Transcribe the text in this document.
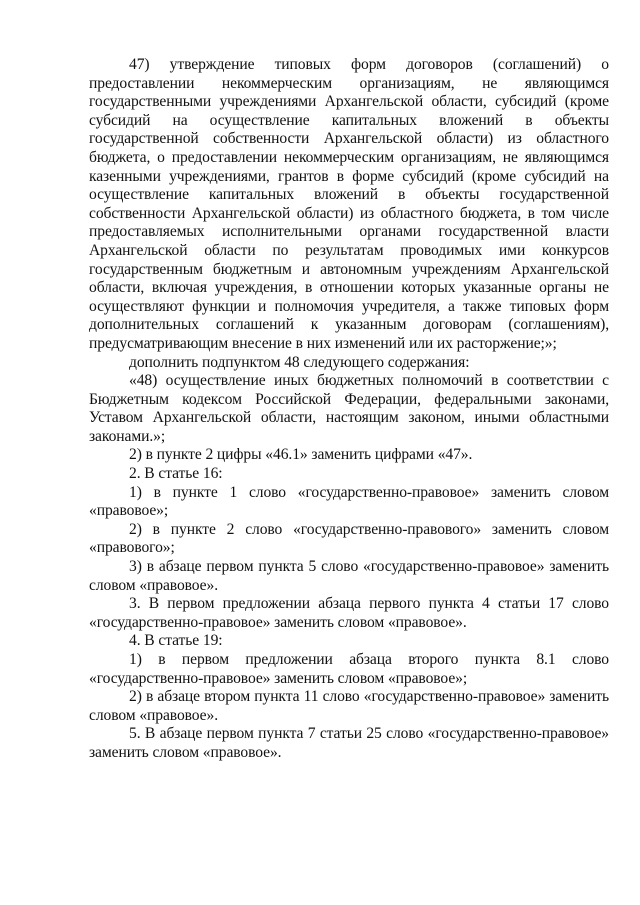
47) утверждение типовых форм договоров (соглашений) о предоставлении некоммерческим организациям, не являющимся государственными учреждениями Архангельской области, субсидий (кроме субсидий на осуществление капитальных вложений в объекты государственной собственности Архангельской области) из областного бюджета, о предоставлении некоммерческим организациям, не являющимся казенными учреждениями, грантов в форме субсидий (кроме субсидий на осуществление капитальных вложений в объекты государственной собственности Архангельской области) из областного бюджета, в том числе предоставляемых исполнительными органами государственной власти Архангельской области по результатам проводимых ими конкурсов государственным бюджетным и автономным учреждениям Архангельской области, включая учреждения, в отношении которых указанные органы не осуществляют функции и полномочия учредителя, а также типовых форм дополнительных соглашений к указанным договорам (соглашениям), предусматривающим внесение в них изменений или их расторжение;»;

дополнить подпунктом 48 следующего содержания:

«48) осуществление иных бюджетных полномочий в соответствии с Бюджетным кодексом Российской Федерации, федеральными законами, Уставом Архангельской области, настоящим законом, иными областными законами.»;

2) в пункте 2 цифры «46.1» заменить цифрами «47».

2. В статье 16:

1) в пункте 1 слово «государственно-правовое» заменить словом «правовое»;

2) в пункте 2 слово «государственно-правового» заменить словом «правового»;

3) в абзаце первом пункта 5 слово «государственно-правовое» заменить словом «правовое».

3. В первом предложении абзаца первого пункта 4 статьи 17 слово «государственно-правовое» заменить словом «правовое».

4. В статье 19:

1) в первом предложении абзаца второго пункта 8.1 слово «государственно-правовое» заменить словом «правовое»;

2) в абзаце втором пункта 11 слово «государственно-правовое» заменить словом «правовое».

5. В абзаце первом пункта 7 статьи 25 слово «государственно-правовое» заменить словом «правовое».
